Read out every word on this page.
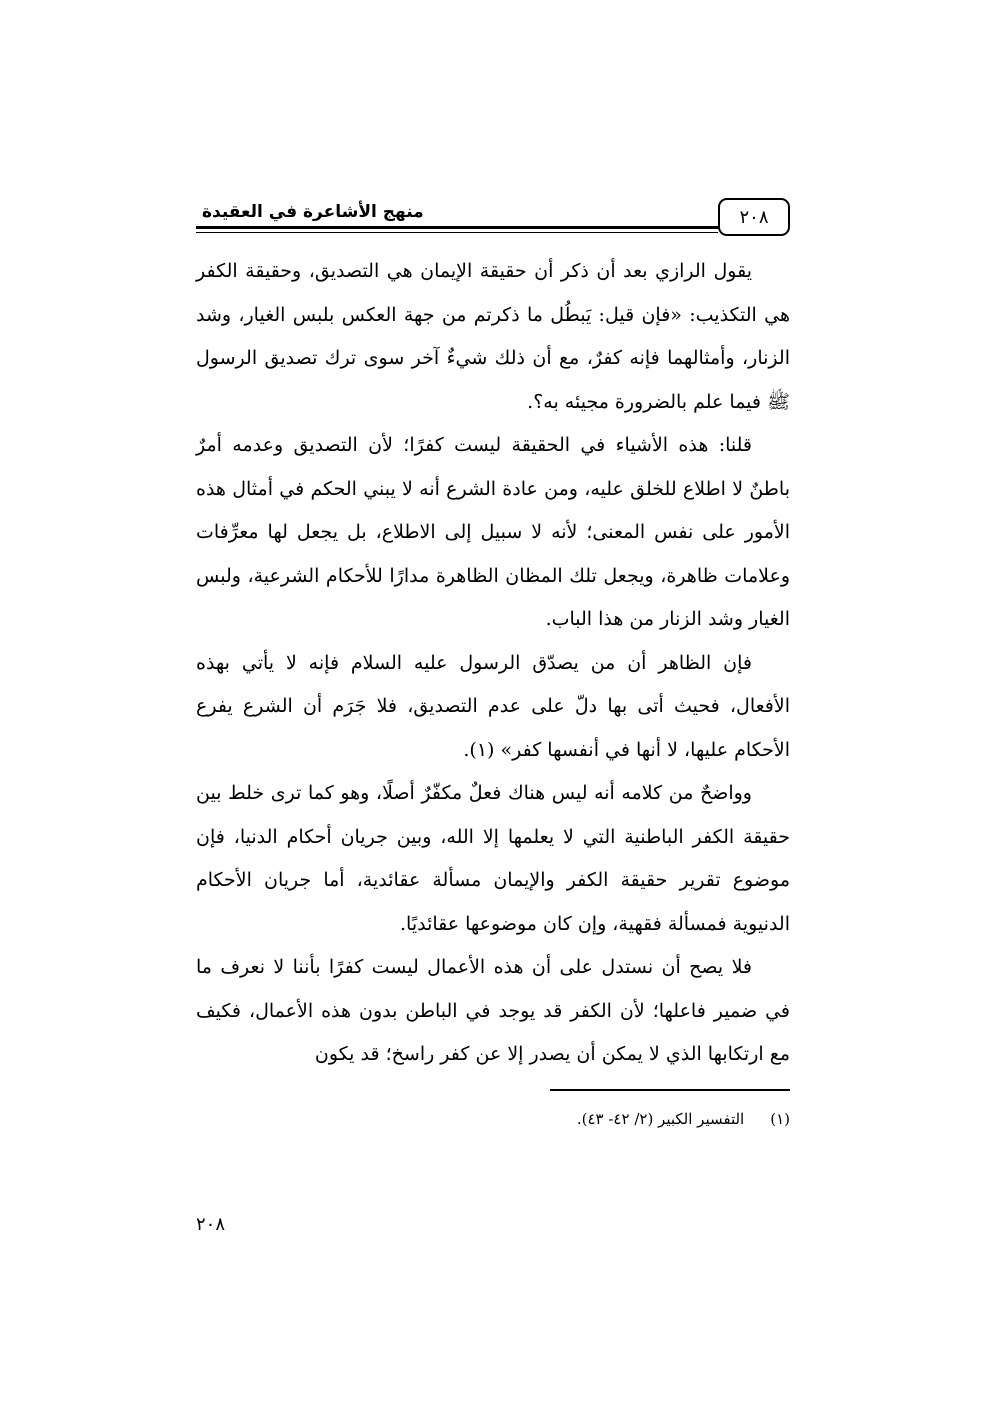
منهج الأشاعرة في العقيدة	٢٠٨

يقول الرازي بعد أن ذكر أن حقيقة الإيمان هي التصديق، وحقيقة الكفر هي التكذيب: «فإن قيل: يَبطُل ما ذكرتم من جهة العكس بلبس الغيار، وشد الزنار، وأمثالهما فإنه كفرٌ، مع أن ذلك شيءٌ آخر سوى ترك تصديق الرسول ﷺ فيما علم بالضرورة مجيئه به؟.

قلنا: هذه الأشياء في الحقيقة ليست كفرًا؛ لأن التصديق وعدمه أمرٌ باطنٌ لا اطلاع للخلق عليه، ومن عادة الشرع أنه لا يبني الحكم في أمثال هذه الأمور على نفس المعنى؛ لأنه لا سبيل إلى الاطلاع، بل يجعل لها معرِّفات وعلامات ظاهرة، ويجعل تلك المظان الظاهرة مدارًا للأحكام الشرعية، ولبس الغيار وشد الزنار من هذا الباب.

فإن الظاهر أن من يصدّق الرسول عليه السلام فإنه لا يأتي بهذه الأفعال، فحيث أتى بها دلّ على عدم التصديق، فلا جَرَم أن الشرع يفرع الأحكام عليها، لا أنها في أنفسها كفر» (١).

وواضحٌ من كلامه أنه ليس هناك فعلٌ مكفّرٌ أصلًا، وهو كما ترى خلط بين حقيقة الكفر الباطنية التي لا يعلمها إلا الله، وبين جريان أحكام الدنيا، فإن موضوع تقرير حقيقة الكفر والإيمان مسألة عقائدية، أما جريان الأحكام الدنيوية فمسألة فقهية، وإن كان موضوعها عقائديًا.

فلا يصح أن نستدل على أن هذه الأعمال ليست كفرًا بأننا لا نعرف ما في ضمير فاعلها؛ لأن الكفر قد يوجد في الباطن بدون هذه الأعمال، فكيف مع ارتكابها الذي لا يمكن أن يصدر إلا عن كفر راسخ؛ قد يكون

(١)التفسير الكبير (٢/ ٤٢- ٤٣).
٢٠٨
